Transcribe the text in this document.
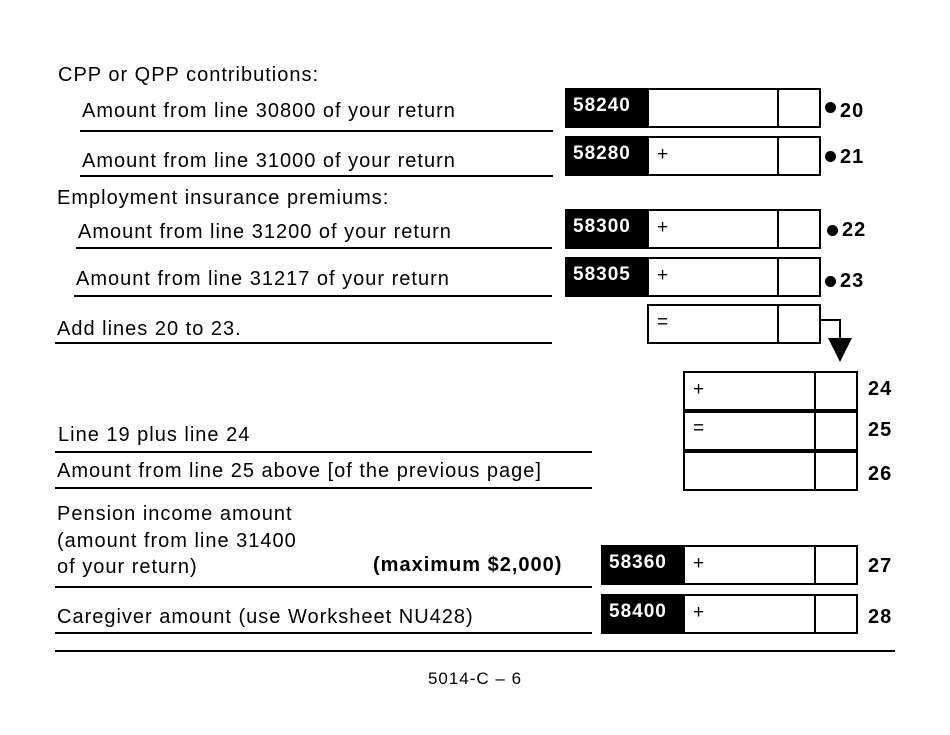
CPP or QPP contributions:
Amount from line 30800 of your return	58240	20
Amount from line 31000 of your return	58280	+	21
Employment insurance premiums:
Amount from line 31200 of your return	58300	+	22
Amount from line 31217 of your return	58305	+	23
Add lines 20 to 23.	=
+	24
Line 19 plus line 24	=	25
Amount from line 25 above [of the previous page]	26
Pension income amount
(amount from line 31400
of your return)	(maximum $2,000)	58360	+	27
Caregiver amount (use Worksheet NU428)	58400	+	28
5014-C – 6
